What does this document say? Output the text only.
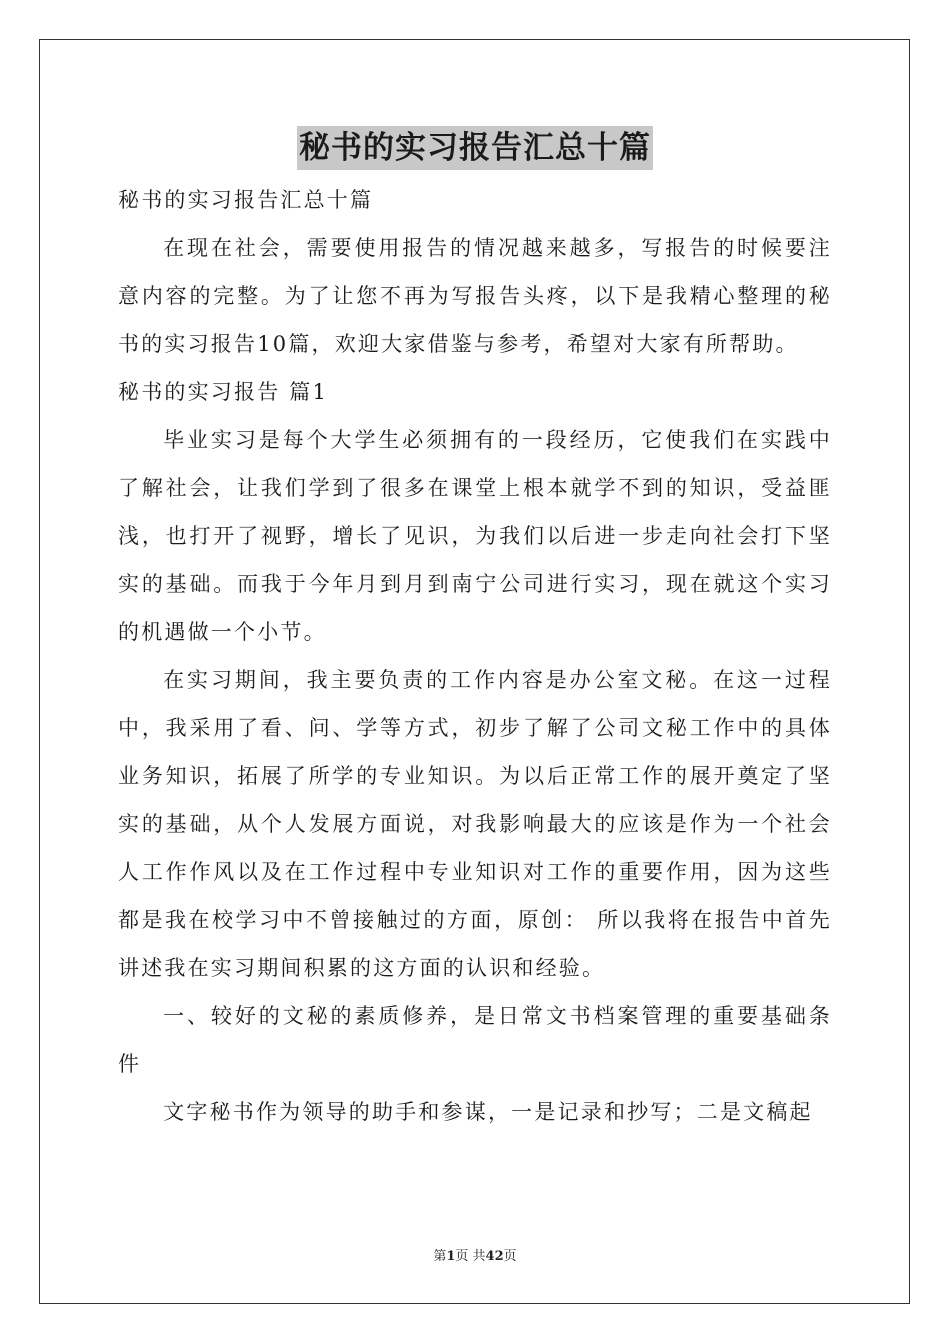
秘书的实习报告汇总十篇

秘书的实习报告汇总十篇

在现在社会，需要使用报告的情况越来越多，写报告的时候要注意内容的完整。为了让您不再为写报告头疼，以下是我精心整理的秘书的实习报告10篇，欢迎大家借鉴与参考，希望对大家有所帮助。

秘书的实习报告 篇1

毕业实习是每个大学生必须拥有的一段经历，它使我们在实践中了解社会，让我们学到了很多在课堂上根本就学不到的知识，受益匪浅，也打开了视野，增长了见识，为我们以后进一步走向社会打下坚实的基础。而我于今年月到月到南宁公司进行实习，现在就这个实习的机遇做一个小节。

在实习期间，我主要负责的工作内容是办公室文秘。在这一过程中，我采用了看、问、学等方式，初步了解了公司文秘工作中的具体业务知识，拓展了所学的专业知识。为以后正常工作的展开奠定了坚实的基础，从个人发展方面说，对我影响最大的应该是作为一个社会人工作作风以及在工作过程中专业知识对工作的重要作用，因为这些都是我在校学习中不曾接触过的方面，原创： 所以我将在报告中首先讲述我在实习期间积累的这方面的认识和经验。

一、较好的文秘的素质修养，是日常文书档案管理的重要基础条件

文字秘书作为领导的助手和参谋，一是记录和抄写；二是文稿起

第1页 共42页
